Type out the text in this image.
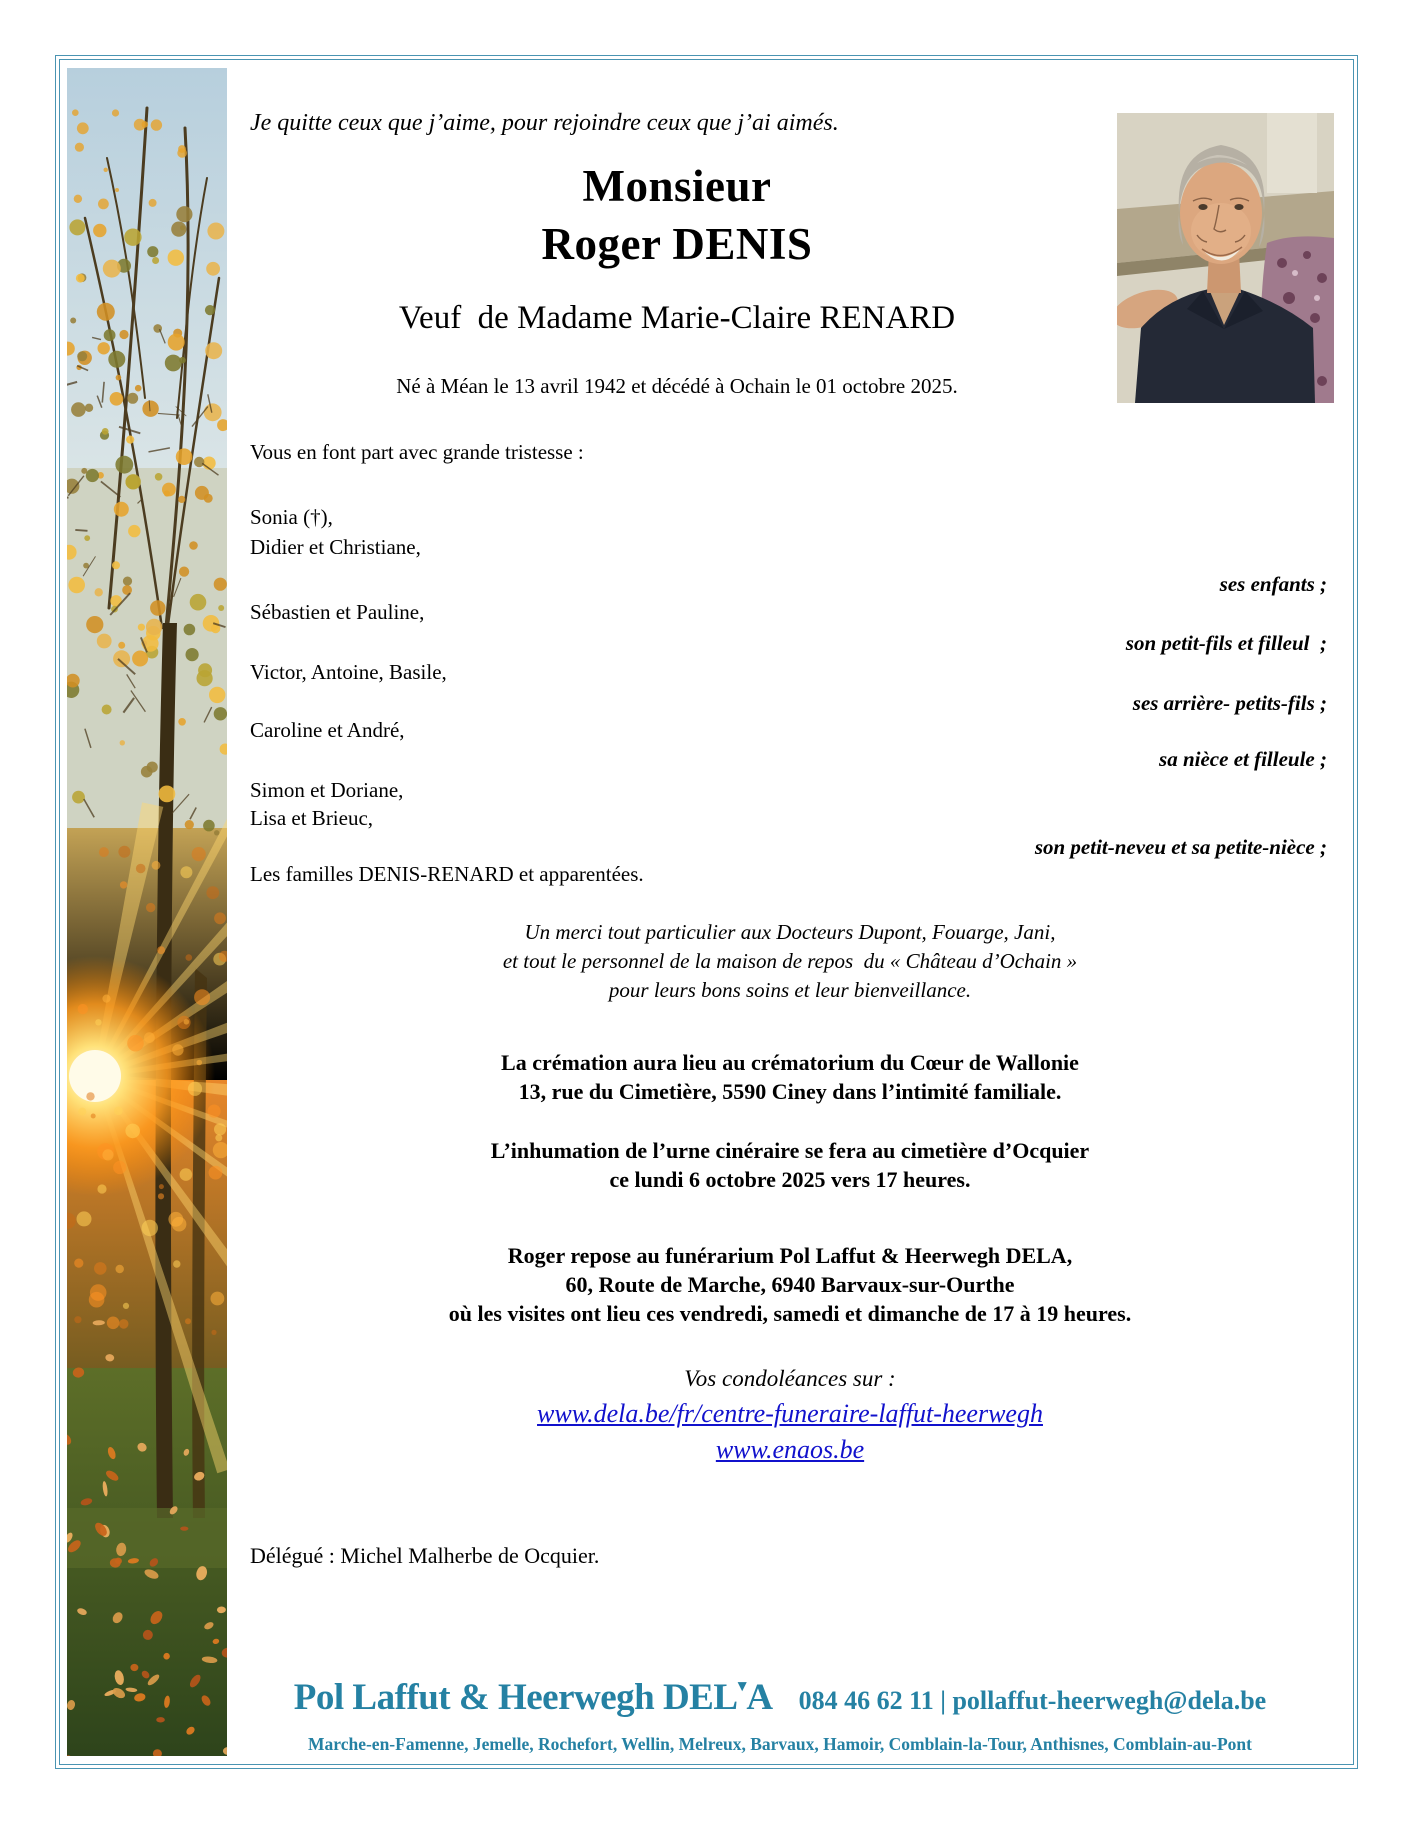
Je quitte ceux que j’aime, pour rejoindre ceux que j’ai aimés.
Monsieur
Roger DENIS
Veuf  de Madame Marie-Claire RENARD
Né à Méan le 13 avril 1942 et décédé à Ochain le 01 octobre 2025.
Vous en font part avec grande tristesse :
Sonia (†),
Didier et Christiane,
ses enfants ;
Sébastien et Pauline,
son petit-fils et filleul  ;
Victor, Antoine, Basile,
ses arrière- petits-fils ;
Caroline et André,
sa nièce et filleule ;
Simon et Doriane,
Lisa et Brieuc,
son petit-neveu et sa petite-nièce ;
Les familles DENIS-RENARD et apparentées.
Un merci tout particulier aux Docteurs Dupont, Fouarge, Jani,
et tout le personnel de la maison de repos  du « Château d’Ochain »
pour leurs bons soins et leur bienveillance.
La crémation aura lieu au crématorium du Cœur de Wallonie
13, rue du Cimetière, 5590 Ciney dans l’intimité familiale.
L’inhumation de l’urne cinéraire se fera au cimetière d’Ocquier
ce lundi 6 octobre 2025 vers 17 heures.
Roger repose au funérarium Pol Laffut & Heerwegh DELA,
60, Route de Marche, 6940 Barvaux-sur-Ourthe
où les visites ont lieu ces vendredi, samedi et dimanche de 17 à 19 heures.
Vos condoléances sur :
www.dela.be/fr/centre-funeraire-laffut-heerwegh
www.enaos.be
Délégué : Michel Malherbe de Ocquier.
Pol Laffut & Heerwegh DEL▼A 084 46 62 11 | pollaffut-heerwegh@dela.be
Marche-en-Famenne, Jemelle, Rochefort, Wellin, Melreux, Barvaux, Hamoir, Comblain-la-Tour, Anthisnes, Comblain-au-Pont
